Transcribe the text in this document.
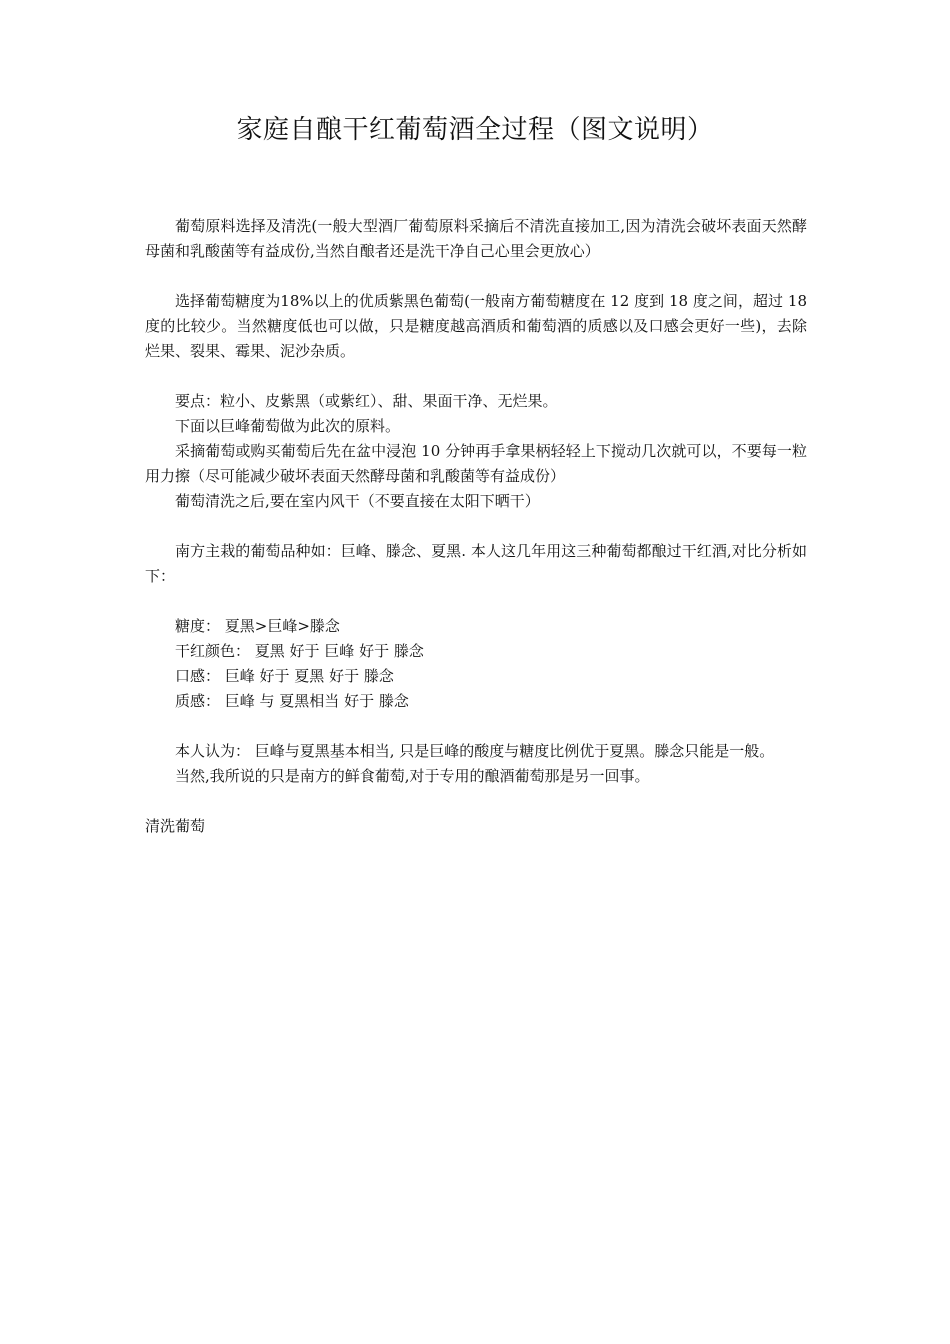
家庭自酿干红葡萄酒全过程（图文说明）

葡萄原料选择及清洗(一般大型酒厂葡萄原料采摘后不清洗直接加工,因为清洗会破坏表面天然酵母菌和乳酸菌等有益成份,当然自酿者还是洗干净自己心里会更放心）

选择葡萄糖度为18%以上的优质紫黑色葡萄(一般南方葡萄糖度在 12 度到 18 度之间，超过 18 度的比较少。当然糖度低也可以做，只是糖度越高酒质和葡萄酒的质感以及口感会更好一些)，去除烂果、裂果、霉果、泥沙杂质。

要点：粒小、皮紫黑（或紫红）、甜、果面干净、无烂果。

下面以巨峰葡萄做为此次的原料。

采摘葡萄或购买葡萄后先在盆中浸泡 10 分钟再手拿果柄轻轻上下搅动几次就可以，不要每一粒用力擦（尽可能减少破坏表面天然酵母菌和乳酸菌等有益成份）

葡萄清洗之后,要在室内风干（不要直接在太阳下晒干）

南方主栽的葡萄品种如：巨峰、滕念、夏黑. 本人这几年用这三种葡萄都酿过干红酒,对比分析如下：

糖度： 夏黑>巨峰>滕念

干红颜色： 夏黑 好于 巨峰 好于 滕念

口感： 巨峰 好于 夏黑 好于 滕念

质感： 巨峰 与 夏黑相当 好于 滕念

本人认为： 巨峰与夏黑基本相当, 只是巨峰的酸度与糖度比例优于夏黑。滕念只能是一般。

当然,我所说的只是南方的鲜食葡萄,对于专用的酿酒葡萄那是另一回事。

清洗葡萄
